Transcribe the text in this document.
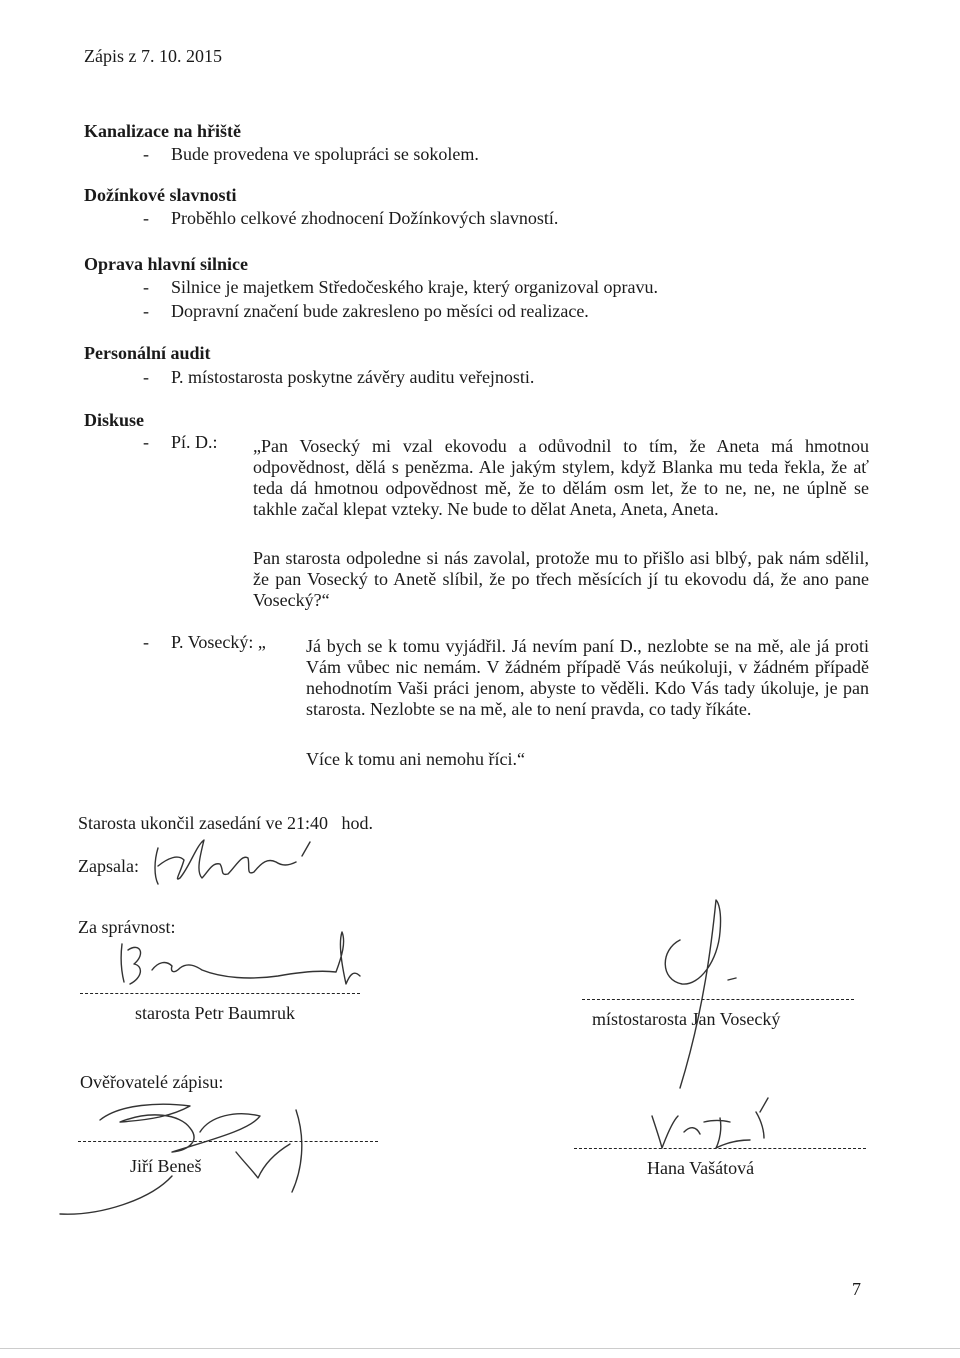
Zápis z 7. 10. 2015
Kanalizace na hřiště
-	Bude provedena ve spolupráci se sokolem.
Dožínkové slavnosti
-	Proběhlo celkové zhodnocení Dožínkových slavností.
Oprava hlavní silnice
-	Silnice je majetkem Středočeského kraje, který organizoval opravu.
-	Dopravní značení bude zakresleno po měsíci od realizace.
Personální audit
-	P. místostarosta poskytne závěry auditu veřejnosti.
Diskuse
-	Pí. D.: „Pan Vosecký mi vzal ekovodu a odůvodnil to tím, že Aneta má hmotnou odpovědnost, dělá s penězma. Ale jakým stylem, když Blanka mu teda řekla, že ať teda dá hmotnou odpovědnost mě, že to dělám osm let, že to ne, ne, ne úplně se takhle začal klepat vzteky. Ne bude to dělat Aneta, Aneta, Aneta.
Pan starosta odpoledne si nás zavolal, protože mu to přišlo asi blbý, pak nám sdělil, že pan Vosecký to Anetě slíbil, že po třech měsících jí tu ekovodu dá, že ano pane Vosecký?“
-	P. Vosecký: „ Já bych se k tomu vyjádřil. Já nevím paní D., nezlobte se na mě, ale já proti Vám vůbec nic nemám. V žádném případě Vás neúkoluji, v žádném případě nehodnotím Vaši práci jenom, abyste to věděli. Kdo Vás tady úkoluje, je pan starosta. Nezlobte se na mě, ale to není pravda, co tady říkáte.
Více k tomu ani nemohu říci.“
Starosta ukončil zasedání ve 21:40 hod.
Zapsala:
Za správnost:
starosta Petr Baumruk	místostarosta Jan Vosecký
Ověřovatelé zápisu:
Jiří Beneš	Hana Vašátová
7
